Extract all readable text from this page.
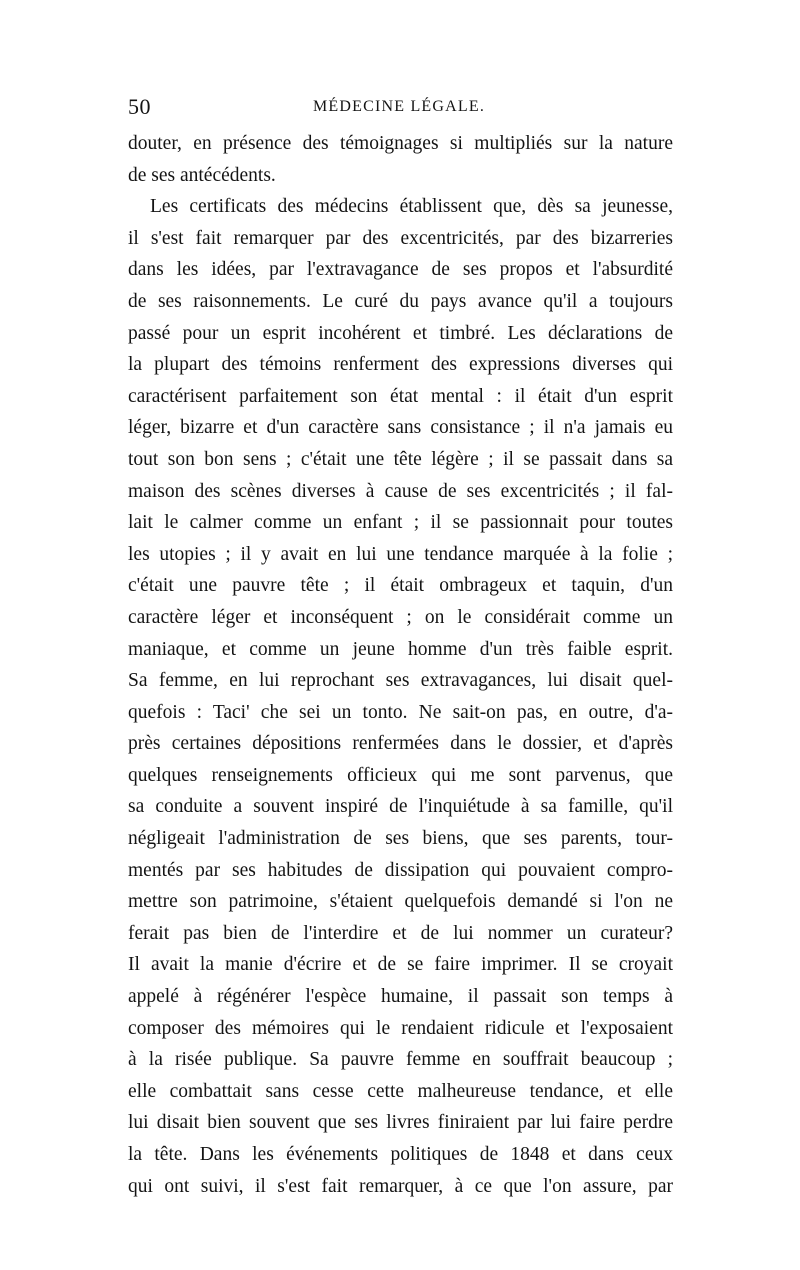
50	MÉDECINE LÉGALE.
douter, en présence des témoignages si multipliés sur la nature
de ses antécédents.
Les certificats des médecins établissent que, dès sa jeunesse,
il s'est fait remarquer par des excentricités, par des bizarreries
dans les idées, par l'extravagance de ses propos et l'absurdité
de ses raisonnements. Le curé du pays avance qu'il a toujours
passé pour un esprit incohérent et timbré. Les déclarations de
la plupart des témoins renferment des expressions diverses qui
caractérisent parfaitement son état mental : il était d'un esprit
léger, bizarre et d'un caractère sans consistance ; il n'a jamais eu
tout son bon sens ; c'était une tête légère ; il se passait dans sa
maison des scènes diverses à cause de ses excentricités ; il fal-
lait le calmer comme un enfant ; il se passionnait pour toutes
les utopies ; il y avait en lui une tendance marquée à la folie ;
c'était une pauvre tête ; il était ombrageux et taquin, d'un
caractère léger et inconséquent ; on le considérait comme un
maniaque, et comme un jeune homme d'un très faible esprit.
Sa femme, en lui reprochant ses extravagances, lui disait quel-
quefois : Taci' che sei un tonto. Ne sait-on pas, en outre, d'a-
près certaines dépositions renfermées dans le dossier, et d'après
quelques renseignements officieux qui me sont parvenus, que
sa conduite a souvent inspiré de l'inquiétude à sa famille, qu'il
négligeait l'administration de ses biens, que ses parents, tour-
mentés par ses habitudes de dissipation qui pouvaient compro-
mettre son patrimoine, s'étaient quelquefois demandé si l'on ne
ferait pas bien de l'interdire et de lui nommer un curateur?
Il avait la manie d'écrire et de se faire imprimer. Il se croyait
appelé à régénérer l'espèce humaine, il passait son temps à
composer des mémoires qui le rendaient ridicule et l'exposaient
à la risée publique. Sa pauvre femme en souffrait beaucoup ;
elle combattait sans cesse cette malheureuse tendance, et elle
lui disait bien souvent que ses livres finiraient par lui faire perdre
la tête. Dans les événements politiques de 1848 et dans ceux
qui ont suivi, il s'est fait remarquer, à ce que l'on assure, par
